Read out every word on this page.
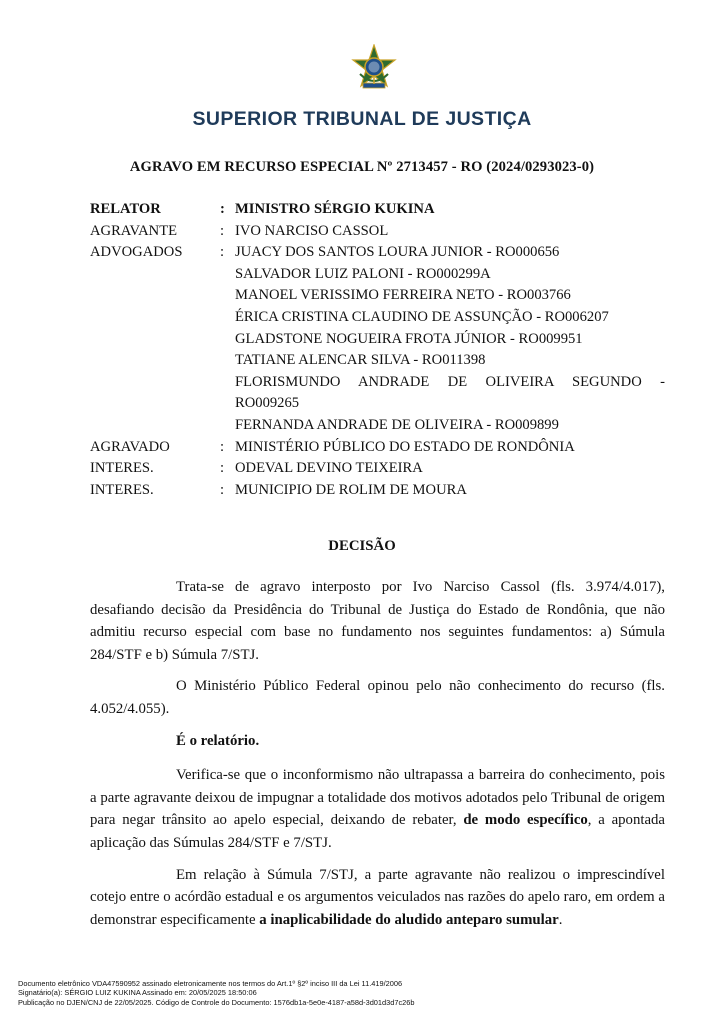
SUPERIOR TRIBUNAL DE JUSTIÇA
AGRAVO EM RECURSO ESPECIAL Nº 2713457 - RO (2024/0293023-0)
RELATOR	: MINISTRO SÉRGIO KUKINA
AGRAVANTE	: IVO NARCISO CASSOL
ADVOGADOS	: JUACY DOS SANTOS LOURA JUNIOR - RO000656
SALVADOR LUIZ PALONI - RO000299A
MANOEL VERISSIMO FERREIRA NETO - RO003766
ÉRICA CRISTINA CLAUDINO DE ASSUNÇÃO - RO006207
GLADSTONE NOGUEIRA FROTA JÚNIOR - RO009951
TATIANE ALENCAR SILVA - RO011398
FLORISMUNDO ANDRADE DE OLIVEIRA SEGUNDO -
RO009265
FERNANDA ANDRADE DE OLIVEIRA - RO009899
AGRAVADO	: MINISTÉRIO PÚBLICO DO ESTADO DE RONDÔNIA
INTERES.	: ODEVAL DEVINO TEIXEIRA
INTERES.	: MUNICIPIO DE ROLIM DE MOURA
DECISÃO

Trata-se de agravo interposto por Ivo Narciso Cassol (fls. 3.974/4.017), desafiando decisão da Presidência do Tribunal de Justiça do Estado de Rondônia, que não admitiu recurso especial com base no fundamento nos seguintes fundamentos: a) Súmula 284/STF e b) Súmula 7/STJ.

O Ministério Público Federal opinou pelo não conhecimento do recurso (fls. 4.052/4.055).

É o relatório.

Verifica-se que o inconformismo não ultrapassa a barreira do conhecimento, pois a parte agravante deixou de impugnar a totalidade dos motivos adotados pelo Tribunal de origem para negar trânsito ao apelo especial, deixando de rebater, de modo específico, a apontada aplicação das Súmulas 284/STF e 7/STJ.

Em relação à Súmula 7/STJ, a parte agravante não realizou o imprescindível cotejo entre o acórdão estadual e os argumentos veiculados nas razões do apelo raro, em ordem a demonstrar especificamente a inaplicabilidade do aludido anteparo sumular.

Documento eletrônico VDA47590952 assinado eletronicamente nos termos do Art.1º §2º inciso III da Lei 11.419/2006
Signatário(a): SÉRGIO LUIZ KUKINA Assinado em: 20/05/2025 18:50:06
Publicação no DJEN/CNJ de 22/05/2025. Código de Controle do Documento: 1576db1a-5e0e-4187-a58d-3d01d3d7c26b
